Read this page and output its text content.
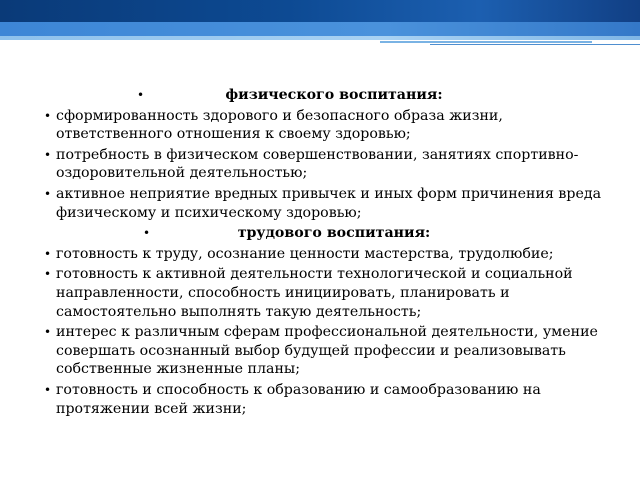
•	физического воспитания:
• сформированность здорового и безопасного образа жизни, ответственного отношения к своему здоровью;
• потребность в физическом совершенствовании, занятиях спортивно-оздоровительной деятельностью;
• активное неприятие вредных привычек и иных форм причинения вреда физическому и психическому здоровью;
•	трудового воспитания:
• готовность к труду, осознание ценности мастерства, трудолюбие;
• готовность к активной деятельности технологической и социальной направленности, способность инициировать, планировать и самостоятельно выполнять такую деятельность;
• интерес к различным сферам профессиональной деятельности, умение совершать осознанный выбор будущей профессии и реализовывать собственные жизненные планы;
• готовность и способность к образованию и самообразованию на протяжении всей жизни;
